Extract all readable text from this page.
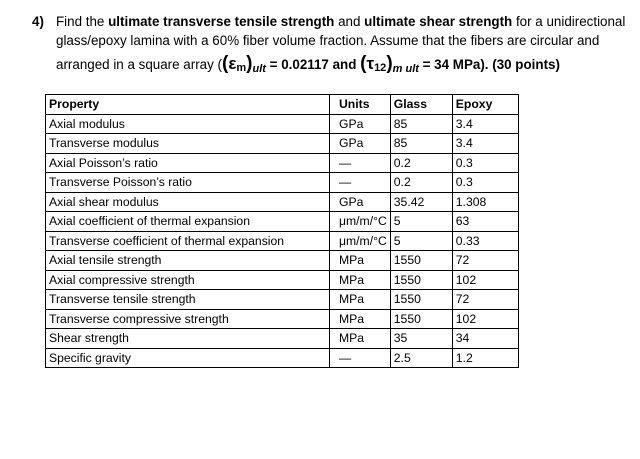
4) Find the ultimate transverse tensile strength and ultimate shear strength for a unidirectional glass/epoxy lamina with a 60% fiber volume fraction. Assume that the fibers are circular and
arranged in a square array ($(\varepsilon m)_{ult} = 0.02117$ and $(\tau 12)_{m ult} = 34$ MPa). (30 points)
Property	Units	Glass	Epoxy
Axial modulus	GPa	85	3.4
Transverse modulus	GPa	85	3.4
Axial Poisson’s ratio	—	0.2	0.3
Transverse Poisson’s ratio	—	0.2	0.3
Axial shear modulus	GPa	35.42	1.308
Axial coefficient of thermal expansion	μm/m/°C	5	63
Transverse coefficient of thermal expansion	μm/m/°C	5	0.33
Axial tensile strength	MPa	1550	72
Axial compressive strength	MPa	1550	102
Transverse tensile strength	MPa	1550	72
Transverse compressive strength	MPa	1550	102
Shear strength	MPa	35	34
Specific gravity	—	2.5	1.2
